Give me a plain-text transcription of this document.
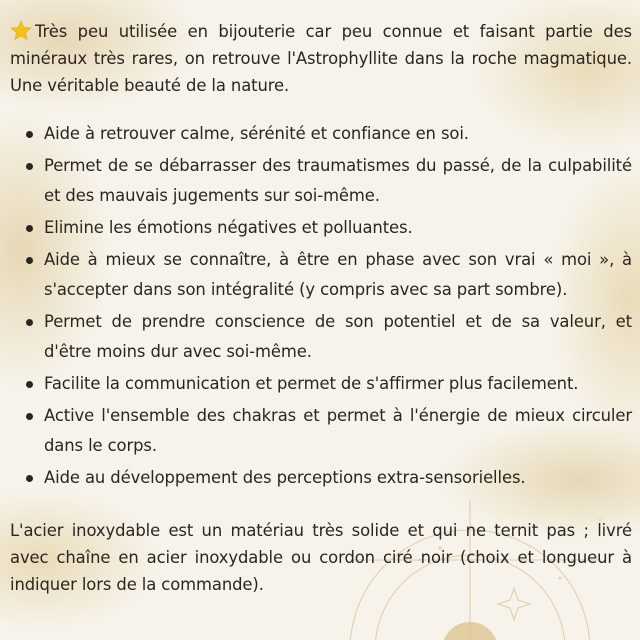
Très peu utilisée en bijouterie car peu connue et faisant partie des minéraux très rares, on retrouve l'Astrophyllite dans la roche magmatique. Une véritable beauté de la nature.

Aide à retrouver calme, sérénité et confiance en soi.
Permet de se débarrasser des traumatismes du passé, de la culpabilité et des mauvais jugements sur soi-même.
Elimine les émotions négatives et polluantes.
Aide à mieux se connaître, à être en phase avec son vrai « moi », à s'accepter dans son intégralité (y compris avec sa part sombre).
Permet de prendre conscience de son potentiel et de sa valeur, et d'être moins dur avec soi-même.
Facilite la communication et permet de s'affirmer plus facilement.
Active l'ensemble des chakras et permet à l'énergie de mieux circuler dans le corps.
Aide au développement des perceptions extra-sensorielles.

L'acier inoxydable est un matériau très solide et qui ne ternit pas ; livré avec chaîne en acier inoxydable ou cordon ciré noir (choix et longueur à indiquer lors de la commande).
